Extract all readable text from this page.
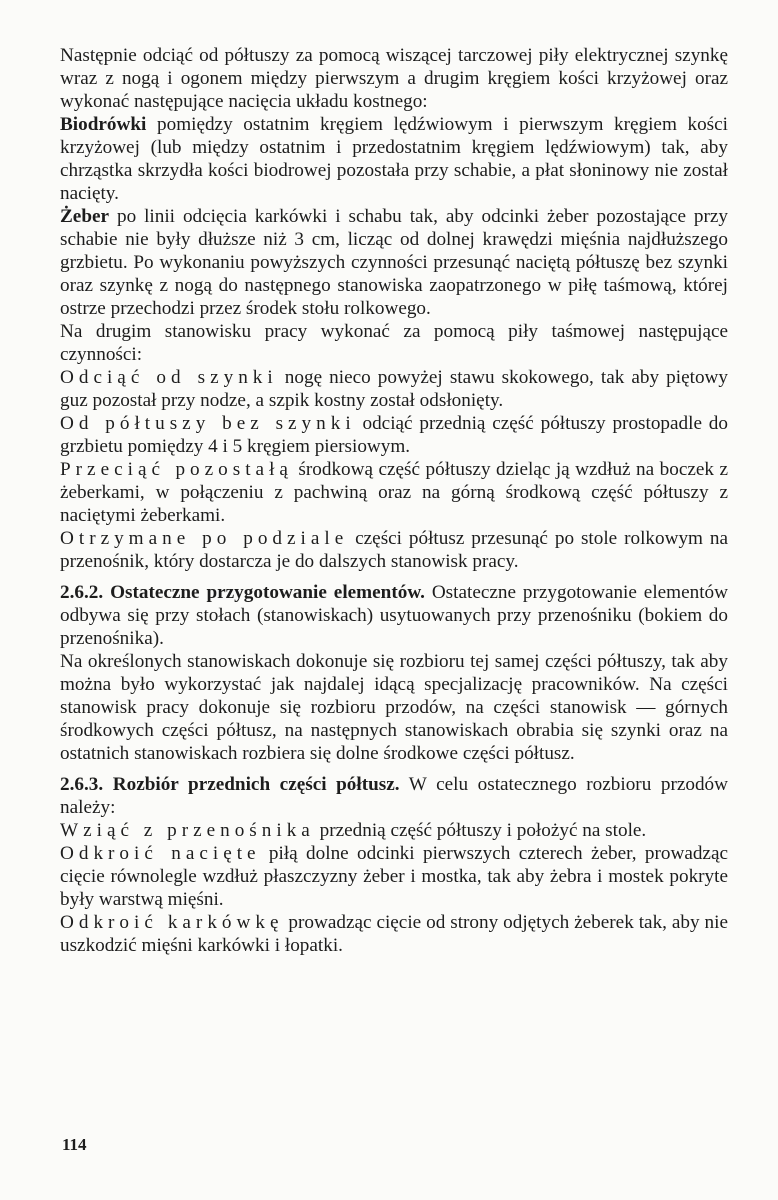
Następnie odciąć od półtuszy za pomocą wiszącej tarczowej piły elektrycznej szynkę wraz z nogą i ogonem między pierwszym a drugim kręgiem kości krzyżowej oraz wykonać następujące nacięcia układu kostnego:

Biodrówki pomiędzy ostatnim kręgiem lędźwiowym i pierwszym kręgiem kości krzyżowej (lub między ostatnim i przedostatnim kręgiem lędźwiowym) tak, aby chrząstka skrzydła kości biodrowej pozostała przy schabie, a płat słoninowy nie został nacięty.

Żeber po linii odcięcia karkówki i schabu tak, aby odcinki żeber pozostające przy schabie nie były dłuższe niż 3 cm, licząc od dolnej krawędzi mięśnia najdłuższego grzbietu. Po wykonaniu powyższych czynności przesunąć naciętą półtuszę bez szynki oraz szynkę z nogą do następnego stanowiska zaopatrzonego w piłę taśmową, której ostrze przechodzi przez środek stołu rolkowego.

Na drugim stanowisku pracy wykonać za pomocą piły taśmowej następujące czynności:

Odciąć od szynki nogę nieco powyżej stawu skokowego, tak aby piętowy guz pozostał przy nodze, a szpik kostny został odsłonięty.

Od półtuszy bez szynki odciąć przednią część półtuszy prostopadle do grzbietu pomiędzy 4 i 5 kręgiem piersiowym.

Przeciąć pozostałą środkową część półtuszy dzieląc ją wzdłuż na boczek z żeberkami, w połączeniu z pachwiną oraz na górną środkową część półtuszy z naciętymi żeberkami.

Otrzymane po podziale części półtusz przesunąć po stole rolkowym na przenośnik, który dostarcza je do dalszych stanowisk pracy.

2.6.2. Ostateczne przygotowanie elementów. Ostateczne przygotowanie elementów odbywa się przy stołach (stanowiskach) usytuowanych przy przenośniku (bokiem do przenośnika).

Na określonych stanowiskach dokonuje się rozbioru tej samej części półtuszy, tak aby można było wykorzystać jak najdalej idącą specjalizację pracowników. Na części stanowisk pracy dokonuje się rozbioru przodów, na części stanowisk — górnych środkowych części półtusz, na następnych stanowiskach obrabia się szynki oraz na ostatnich stanowiskach rozbiera się dolne środkowe części półtusz.

2.6.3. Rozbiór przednich części półtusz. W celu ostatecznego rozbioru przodów należy:

Wziąć z przenośnika przednią część półtuszy i położyć na stole.

Odkroić nacięte piłą dolne odcinki pierwszych czterech żeber, prowadząc cięcie równolegle wzdłuż płaszczyzny żeber i mostka, tak aby żebra i mostek pokryte były warstwą mięśni.

Odkroić karkówkę prowadząc cięcie od strony odjętych żeberek tak, aby nie uszkodzić mięśni karkówki i łopatki.

114
